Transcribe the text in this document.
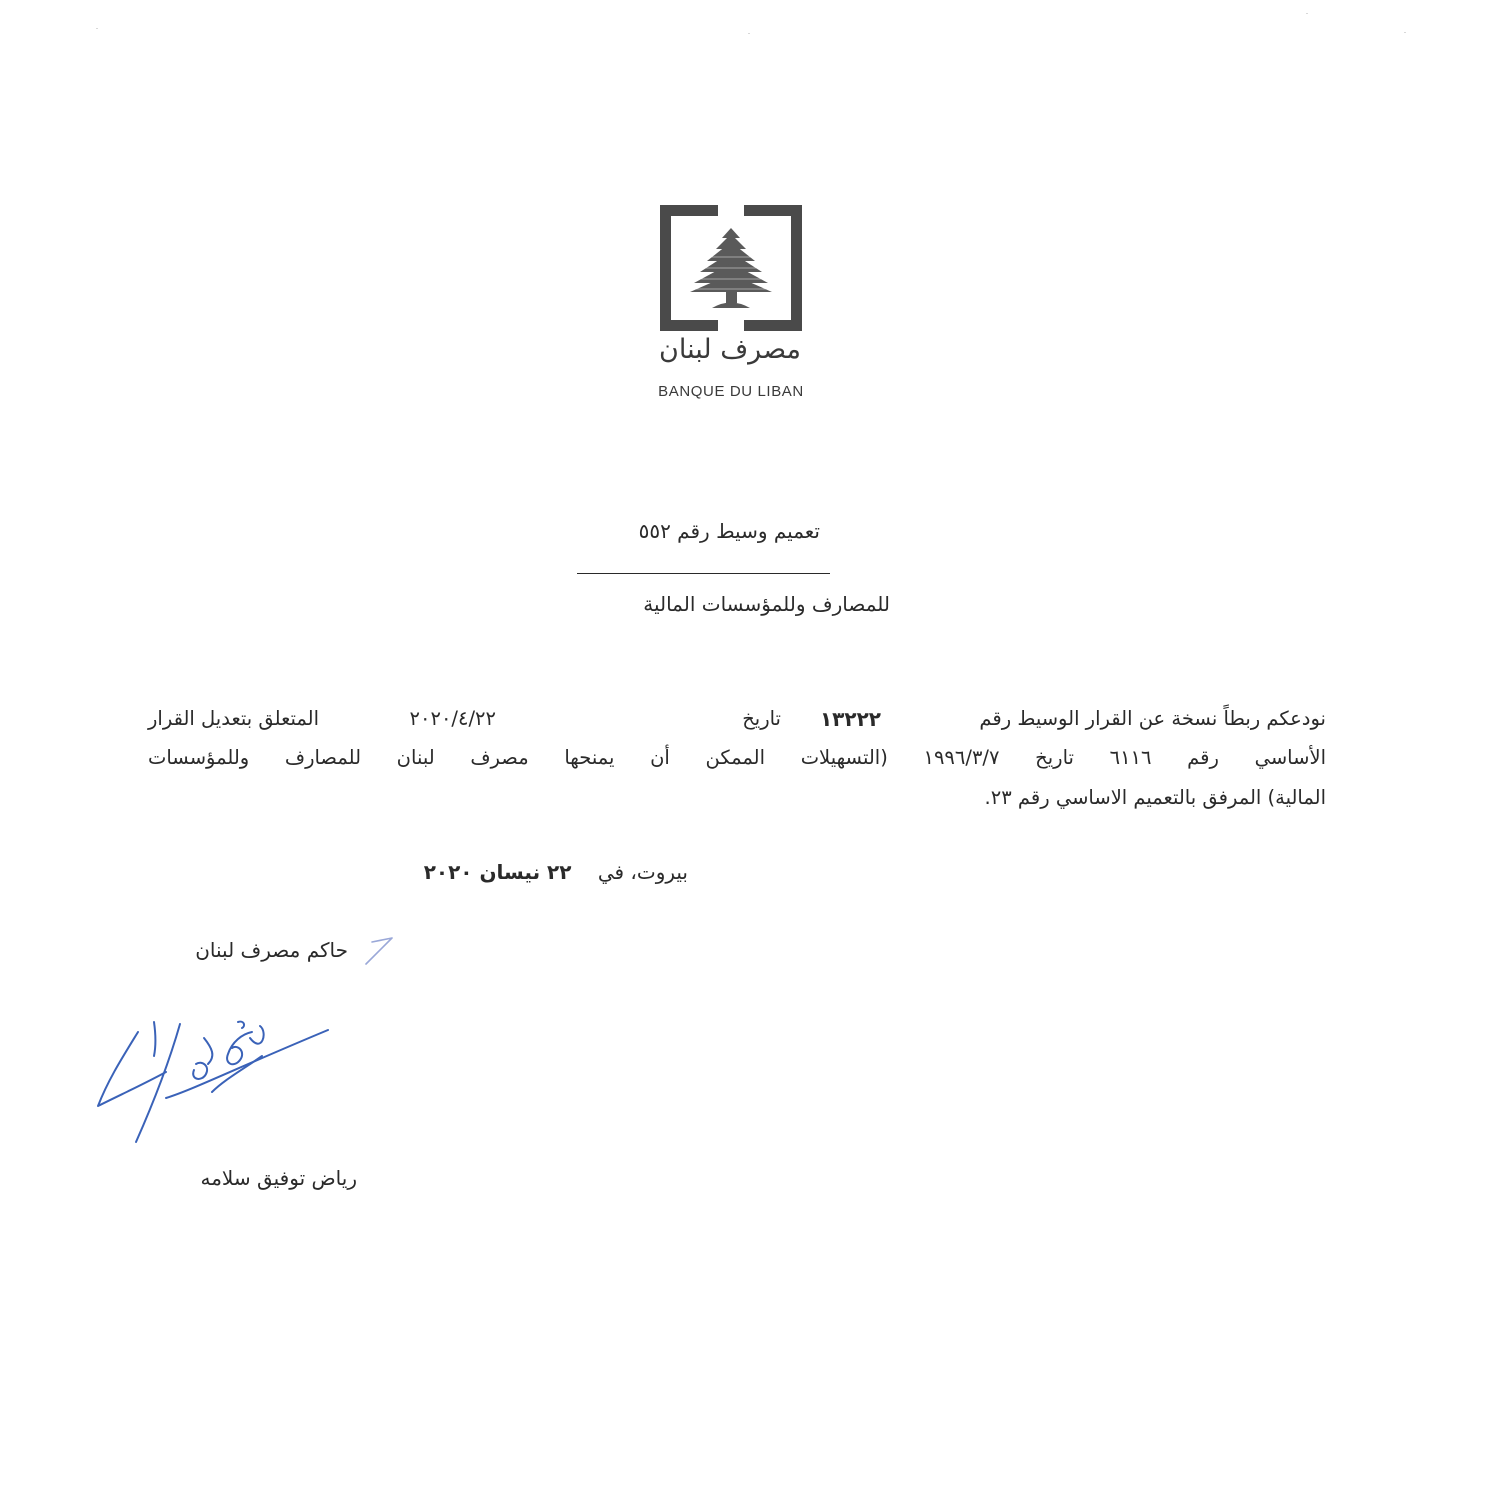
مصرف لبنان
BANQUE DU LIBAN
تعميم وسيط رقم ٥٥٢
للمصارف وللمؤسسات المالية
نودعكم ربطاً نسخة عن القرار الوسيط رقم
١٣٢٢٢
تاريخ
٢٠٢٠/٤/٢٢
المتعلق بتعديل القرار
الأساسي رقم ٦١١٦ تاريخ ١٩٩٦/٣/٧ (التسهيلات الممكن أن يمنحها مصرف لبنان للمصارف وللمؤسسات
المالية) المرفق بالتعميم الاساسي رقم ٢٣.
بيروت، في ٢٢ نيسان ٢٠٢٠
حاكم مصرف لبنان
رياض توفيق سلامه
